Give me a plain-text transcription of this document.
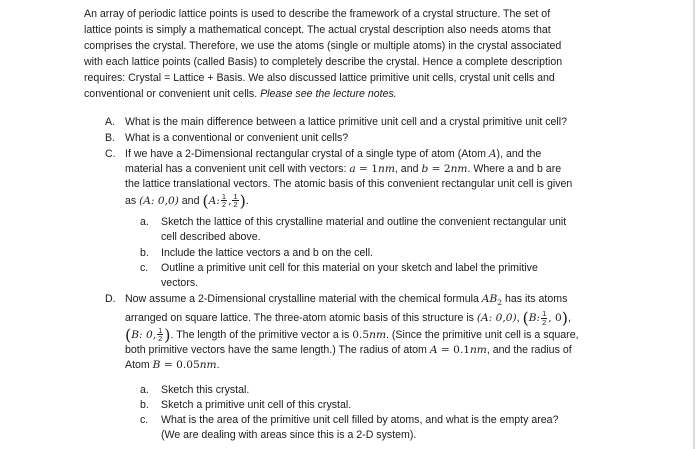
An array of periodic lattice points is used to describe the framework of a crystal structure. The set of
lattice points is simply a mathematical concept. The actual crystal description also needs atoms that
comprises the crystal. Therefore, we use the atoms (single or multiple atoms) in the crystal associated
with each lattice points (called Basis) to completely describe the crystal. Hence a complete description
requires: Crystal = Lattice + Basis. We also discussed lattice primitive unit cells, crystal unit cells and
conventional or convenient unit cells. Please see the lecture notes.

A. What is the main difference between a lattice primitive unit cell and a crystal primitive unit cell?
B. What is a conventional or convenient unit cells?
C. If we have a 2-Dimensional rectangular crystal of a single type of atom (Atom A), and the
material has a convenient unit cell with vectors: a = 1nm, and b = 2nm. Where a and b are
the lattice translational vectors. The atomic basis of this convenient rectangular unit cell is given
as (A: 0,0) and (A: $\frac{1}{2}$ , $\frac{1}{2}$ ).
a.	Sketch the lattice of this crystalline material and outline the convenient rectangular unit
cell described above.
b.	Include the lattice vectors a and b on the cell.
c.	Outline a primitive unit cell for this material on your sketch and label the primitive
vectors.
D. Now assume a 2-Dimensional crystalline material with the chemical formula $AB_2$ has its atoms
arranged on square lattice. The three-atom atomic basis of this structure is (A: 0,0), (B: $\frac{1}{2}$ , 0),
(B: 0, $\frac{1}{2}$ ). The length of the primitive vector a is 0.5nm. (Since the primitive unit cell is a square,
both primitive vectors have the same length.) The radius of atom A = 0.1nm, and the radius of
Atom B = 0.05nm.
a.	Sketch this crystal.
b.	Sketch a primitive unit cell of this crystal.
c.	What is the area of the primitive unit cell filled by atoms, and what is the empty area?
(We are dealing with areas since this is a 2-D system).
